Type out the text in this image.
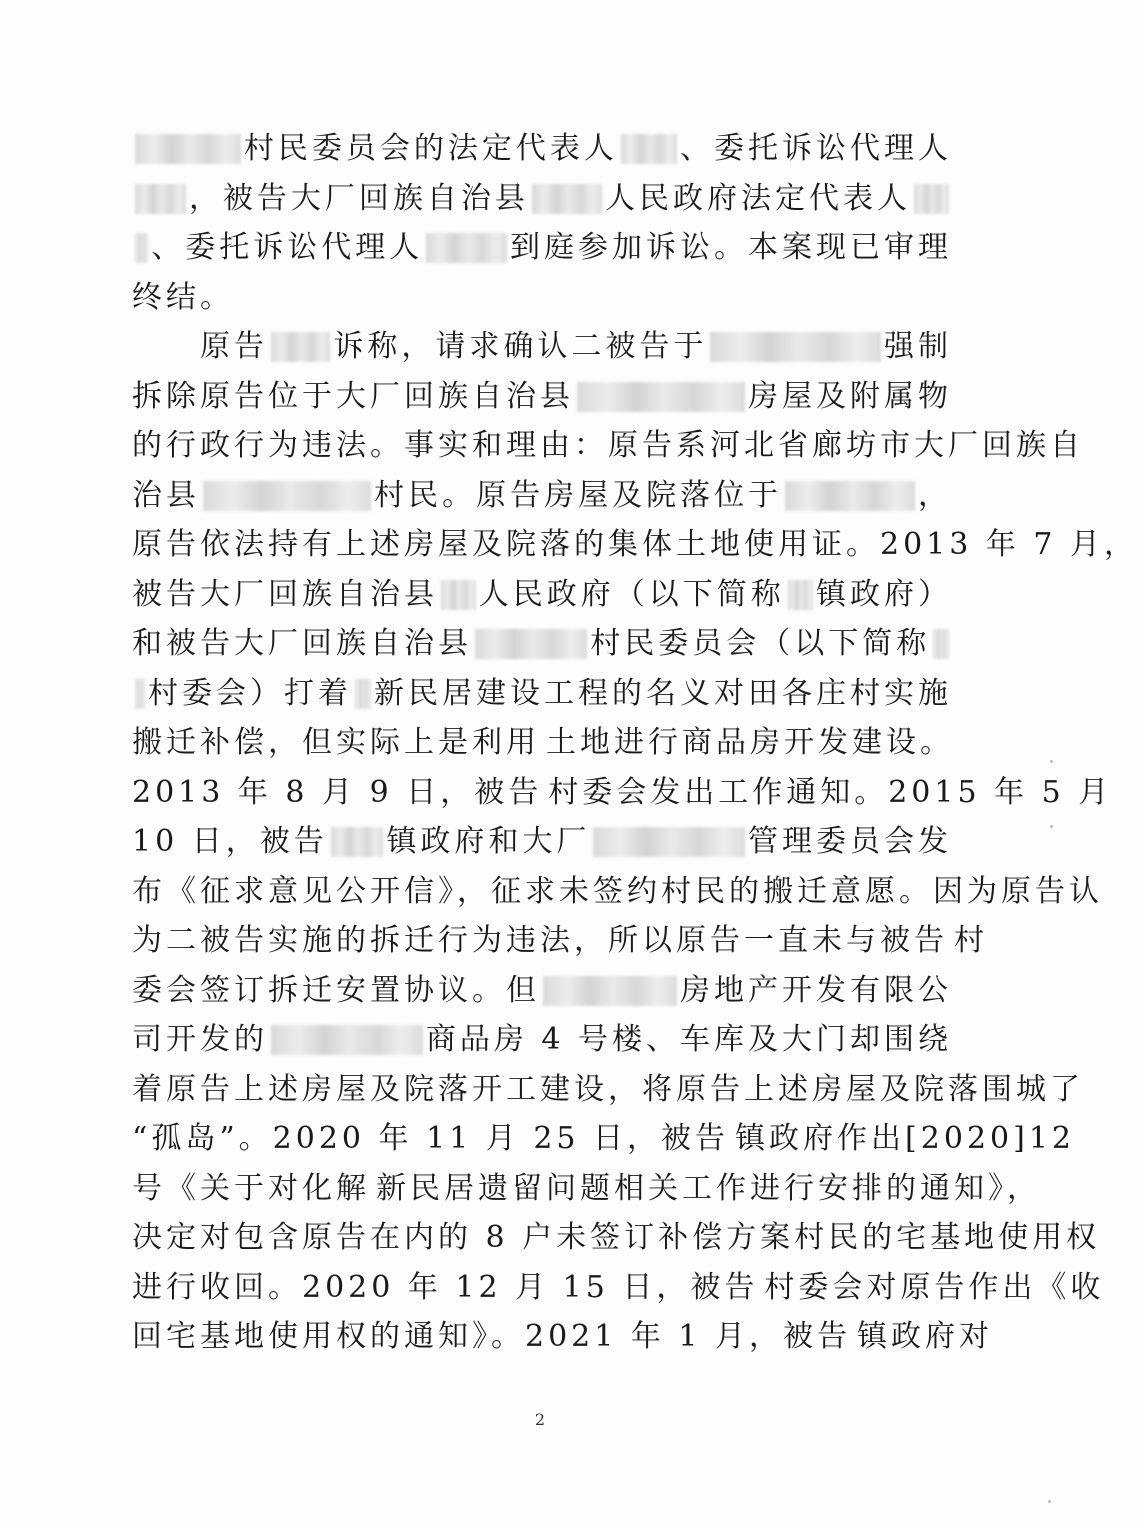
村民委员会的法定代表人 、委托诉讼代理人
，被告大厂回族自治县	人民政府法定代表人
、委托诉讼代理人	到庭参加诉讼。本案现已审理
终结。
　　原告 诉称，请求确认二被告于	强制
拆除原告位于大厂回族自治县	房屋及附属物
的行政行为违法。事实和理由：原告系河北省廊坊市大厂回族自
治县	村民。原告房屋及院落位于	，
原告依法持有上述房屋及院落的集体土地使用证。2013 年 7 月，
被告大厂回族自治县 人民政府（以下简称 镇政府）
和被告大厂回族自治县	村民委员会（以下简称
村委会）打着 新民居建设工程的名义对田各庄村实施
搬迁补偿，但实际上是利用 土地进行商品房开发建设。
2013 年 8 月 9 日，被告 村委会发出工作通知。2015 年 5 月
10 日，被告 镇政府和大厂	管理委员会发
布《征求意见公开信》，征求未签约村民的搬迁意愿。因为原告认
为二被告实施的拆迁行为违法，所以原告一直未与被告 村
委会签订拆迁安置协议。但	房地产开发有限公
司开发的	商品房 4 号楼、车库及大门却围绕
着原告上述房屋及院落开工建设，将原告上述房屋及院落围城了
“孤岛”。2020 年 11 月 25 日，被告 镇政府作出[2020]12
号《关于对化解 新民居遗留问题相关工作进行安排的通知》，
决定对包含原告在内的 8 户未签订补偿方案村民的宅基地使用权
进行收回。2020 年 12 月 15 日，被告 村委会对原告作出《收
回宅基地使用权的通知》。2021 年 1 月，被告 镇政府对
2
